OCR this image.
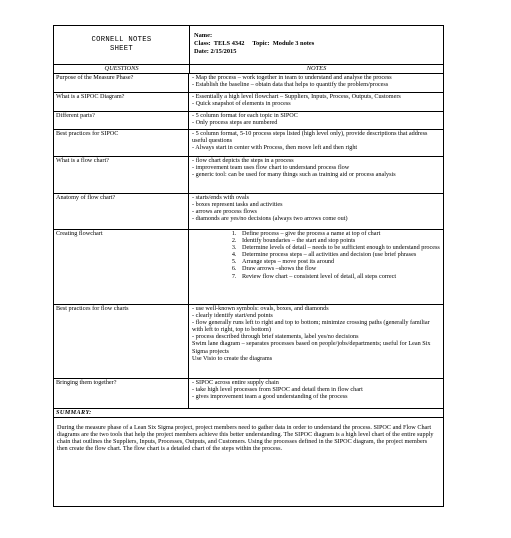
CORNELL NOTES
SHEET
Name:
Class:  TELS 4342     Topic:  Module 3 notes
Date: 2/15/2015
QUESTIONS	NOTES
Purpose of the Measure Phase?	- Map the process – work together in team to understand and analyse the process
- Establish the baseline – obtain data that helps to quantify the problem/process
What is a SIPOC Diagram?	- Essentially a high level flowchart – Suppliers, Inputs, Process, Outputs, Customers
- Quick snapshot of elements in process
Different parts?	- 5 column format for each topic in SIPOC
- Only process steps are numbered
Best practices for SIPOC	- 5 column format, 5-10 process steps listed (high level only), provide descriptions that address useful questions
- Always start in center with Process, then move left and then right
What is a flow chart?	- flow chart depicts the steps in a process
- improvement team uses flow chart to understand process flow
- generic tool: can be used for many things such as training aid or process analysis
Anatomy of flow chart?	- starts/ends with ovals
- boxes represent tasks and activities
- arrows are process flows
- diamonds are yes/no decisions (always two arrows come out)
Creating flowchart
1.	Define process – give the process a name at top of chart
2. Identify boundaries – the start and stop points
3. Determine levels of detail – needs to be sufficient enough to understand process
4. Determine process steps – all activities and decision (use brief phrases
5. Arrange steps – move post its around
6. Draw arrows –shows the flow
7. Review flow chart – consistent level of detail, all steps correct
Best practices for flow charts	- use well-known symbols: ovals, boxes, and diamonds
- clearly identify start/end points
- flow generally runs left to right and top to bottom; minimize crossing paths (generally familiar with left to right, top to bottom)
- process described through brief statements, label yes/no decisions
Swim lane diagram – separates processes based on people/jobs/departments; useful for Lean Six Sigma projects
Use Visio to create the diagrams
Bringing them together?	- SIPOC across entire supply chain
- take high level processes from SIPOC and detail them in flow chart
- gives improvement team a good understanding of the process
SUMMARY:
During the measure phase of a Lean Six Sigma project, project members need to gather data in order to understand the process. SIPOC and Flow Chart diagrams are the two tools that help the project members achieve this better understanding. The SIPOC diagram is a high level chart of the entire supply chain that outlines the Suppliers, Inputs, Processes, Outputs, and Customers. Using the processes defined in the SIPOC diagram, the project members then create the flow chart. The flow chart is a detailed chart of the steps within the process.
